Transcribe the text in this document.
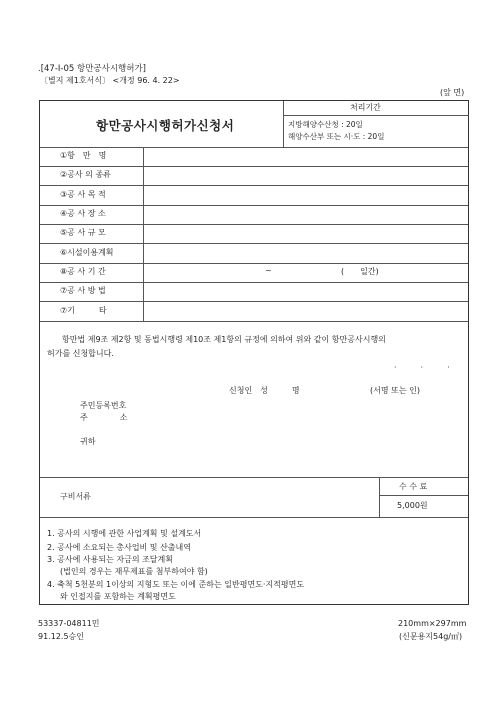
.[47-Ⅰ-05 항만공사시행허가]
〔별지 제1호서식〕 <개정 96. 4. 22>
(앞 면)
항만공사시행허가신청서
처리기간
지방해양수산청 : 20일
해양수산부 또는 시·도 : 20일
①항　만　명
②공사 의 종류
③공 사 목 적
④공 사 장 소
⑤공 사 규 모
⑥시설이용계획
⑧공 사 기 간	~	(　　일간)
⑦공 사 방 법
⑦기　　　타
항만법 제9조 제2항 및 동법시행령 제10조 제1항의 규정에 의하여 위와 같이 항만공사시행의
허가를 신청합니다.
·　　　·　　　·
신청인　성　　　명	(서명 또는 인)
주민등록번호
주　　　　소
귀하
수 수 료
5,000원
구비서류
1. 공사의 시행에 관한 사업계획 및 설계도서
2. 공사에 소요되는 총사업비 및 산출내역
3. 공사에 사용되는 자금의 조달계획
(법인의 경우는 재무제표를 첨부하여야 함)
4. 축척 5천분의 1이상의 지형도 또는 이에 준하는 일반평면도·지적평면도
와 인접지를 포함하는 계획평면도
53337-04811민
91.12.5승인
210mm×297mm
(신문용지54g/㎡)
